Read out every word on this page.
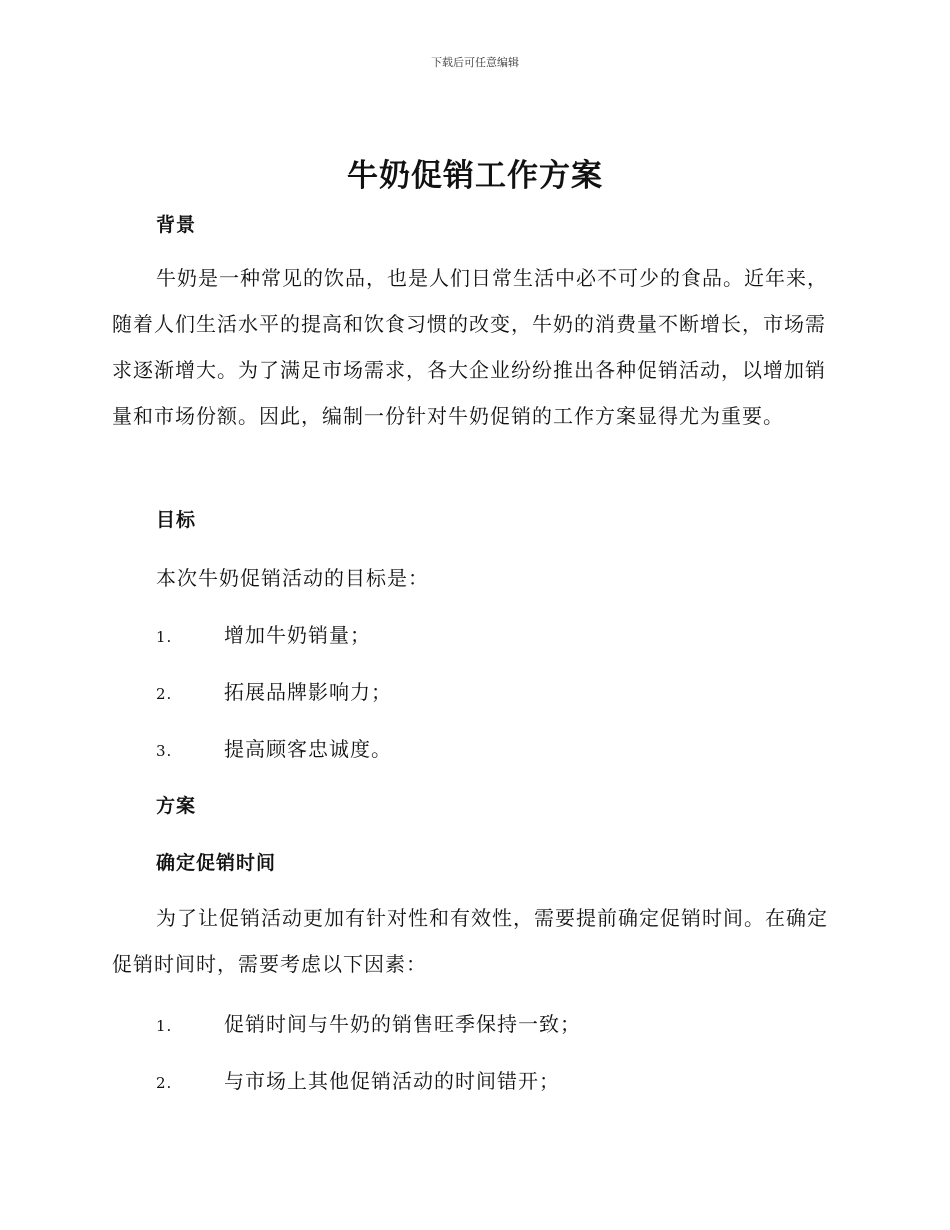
下载后可任意编辑
牛奶促销工作方案
背景
牛奶是一种常见的饮品，也是人们日常生活中必不可少的食品。近年来，随着人们生活水平的提高和饮食习惯的改变，牛奶的消费量不断增长，市场需求逐渐增大。为了满足市场需求，各大企业纷纷推出各种促销活动，以增加销量和市场份额。因此，编制一份针对牛奶促销的工作方案显得尤为重要。
目标
本次牛奶促销活动的目标是：
1.	增加牛奶销量；
2.	拓展品牌影响力；
3.	提高顾客忠诚度。
方案
确定促销时间
为了让促销活动更加有针对性和有效性，需要提前确定促销时间。在确定促销时间时，需要考虑以下因素：
1.	促销时间与牛奶的销售旺季保持一致；
2.	与市场上其他促销活动的时间错开；
